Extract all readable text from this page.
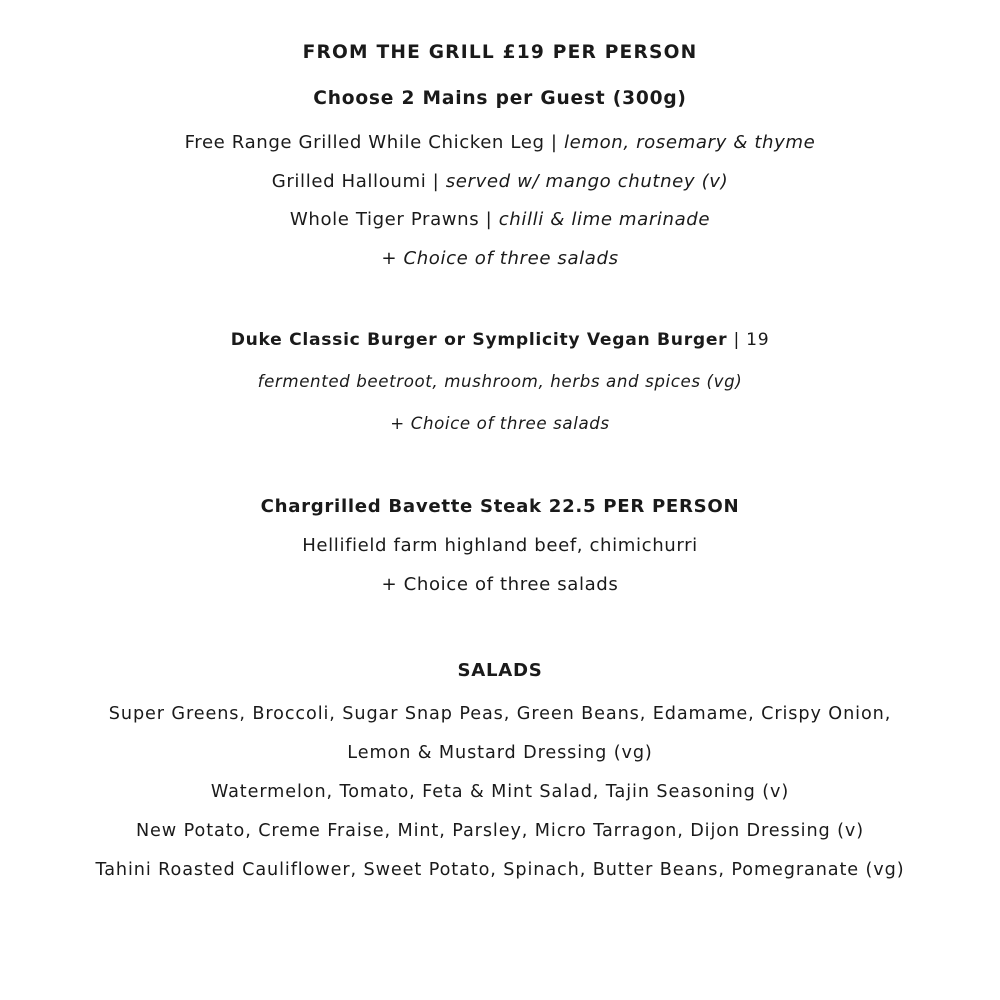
FROM THE GRILL £19 PER PERSON
Choose 2 Mains per Guest (300g)
Free Range Grilled While Chicken Leg | lemon, rosemary & thyme
Grilled Halloumi | served w/ mango chutney (v)
Whole Tiger Prawns | chilli & lime marinade
+ Choice of three salads
Duke Classic Burger or Symplicity Vegan Burger | 19
fermented beetroot, mushroom, herbs and spices (vg)
+ Choice of three salads
Chargrilled Bavette Steak 22.5 PER PERSON
Hellifield farm highland beef, chimichurri
+ Choice of three salads
SALADS
Super Greens, Broccoli, Sugar Snap Peas, Green Beans, Edamame, Crispy Onion,
Lemon & Mustard Dressing (vg)
Watermelon, Tomato, Feta & Mint Salad, Tajin Seasoning (v)
New Potato, Creme Fraise, Mint, Parsley, Micro Tarragon, Dijon Dressing (v)
Tahini Roasted Cauliflower, Sweet Potato, Spinach, Butter Beans, Pomegranate (vg)
